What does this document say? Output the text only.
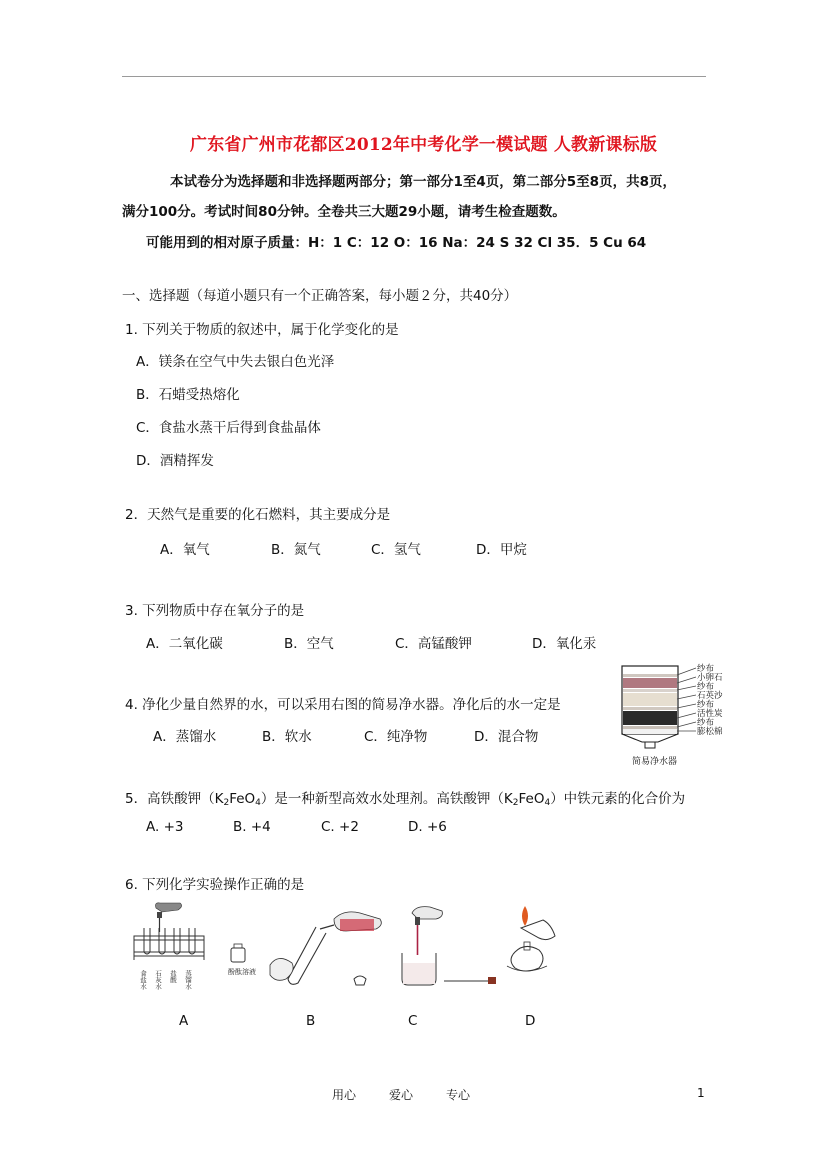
广东省广州市花都区2012年中考化学一模试题 人教新课标版
本试卷分为选择题和非选择题两部分；第一部分1至4页，第二部分5至8页，共8页，
满分100分。考试时间80分钟。全卷共三大题29小题，请考生检查题数。
可能用到的相对原子质量：H：1 C：12 O：16 Na：24 S 32 Cl 35．5 Cu 64
一、选择题（每道小题只有一个正确答案，每小题２分，共40分）
1. 下列关于物质的叙述中，属于化学变化的是
A．镁条在空气中失去银白色光泽
B．石蜡受热熔化
C．食盐水蒸干后得到食盐晶体
D．酒精挥发
2．天然气是重要的化石燃料，其主要成分是
A．氧气	B．氮气	C．氢气	D．甲烷
3. 下列物质中存在氧分子的是
A．二氧化碳	B．空气	C．高锰酸钾	D．氧化汞
4. 净化少量自然界的水，可以采用右图的简易净水器。净化后的水一定是
A．蒸馏水	B．软水	C．纯净物	D．混合物
纱布
小卵石
纱布
石英沙
纱布
活性炭
纱布
膨松棉
简易净水器
5．高铁酸钾$(K_2FeO_4)$是一种新型高效水处理剂。高铁酸钾$(K_2FeO_4)$中铁元素的化合价为
A. +3	B. +4	C. +2	D. +6
6. 下列化学实验操作正确的是
食盐水 石灰水 盐酸 蒸馏水	酚酞溶液
A	B	C	D
用心	爱心	专心	1
